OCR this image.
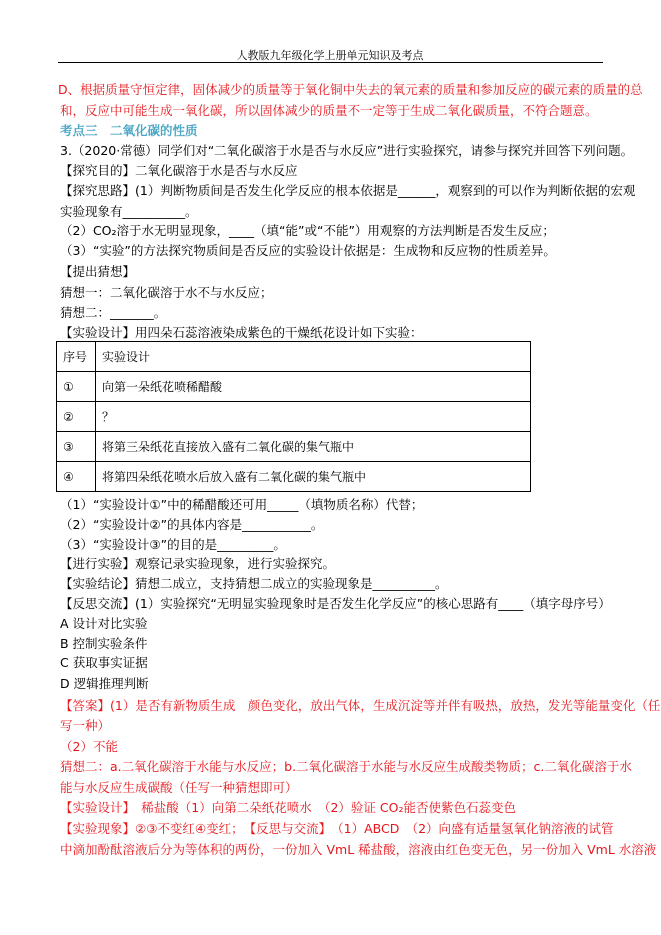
人教版九年级化学上册单元知识及考点
序号	实验设计
①	向第一朵纸花喷稀醋酸
②	？
③	将第三朵纸花直接放入盛有二氧化碳的集气瓶中
④	将第四朵纸花喷水后放入盛有二氧化碳的集气瓶中
D、根据质量守恒定律，固体减少的质量等于氧化铜中失去的氧元素的质量和参加反应的碳元素的质量的总
和，反应中可能生成一氧化碳，所以固体减少的质量不一定等于生成二氧化碳质量，不符合题意。
考点三　二氧化碳的性质
3.（2020·常德）同学们对“二氧化碳溶于水是否与水反应”进行实验探究，请参与探究并回答下列问题。
【探究目的】二氧化碳溶于水是否与水反应
【探究思路】(1）判断物质间是否发生化学反应的根本依据是______，观察到的可以作为判断依据的宏观
实验现象有__________。
（2）CO₂溶于水无明显现象，____（填“能”或“不能”）用观察的方法判断是否发生反应；
（3）“实验”的方法探究物质间是否反应的实验设计依据是：生成物和反应物的性质差异。
【提出猜想】
猜想一：二氧化碳溶于水不与水反应；
猜想二：_______。
【实验设计】用四朵石蕊溶液染成紫色的干燥纸花设计如下实验：
（1）“实验设计①”中的稀醋酸还可用_____（填物质名称）代替；
（2）“实验设计②”的具体内容是___________。
（3）“实验设计③”的目的是_________。
【进行实验】观察记录实验现象，进行实验探究。
【实验结论】猜想二成立，支持猜想二成立的实验现象是__________。
【反思交流】(1）实验探究“无明显实验现象时是否发生化学反应”的核心思路有____（填字母序号）
A 设计对比实验
B 控制实验条件
C 获取事实证据
D 逻辑推理判断
【答案】(1）是否有新物质生成　颜色变化，放出气体，生成沉淀等并伴有吸热，放热，发光等能量变化（任
写一种）
（2）不能
猜想二：a.二氧化碳溶于水能与水反应；b.二氧化碳溶于水能与水反应生成酸类物质；c.二氧化碳溶于水
能与水反应生成碳酸（任写一种猜想即可）
【实验设计】　稀盐酸（1）向第二朵纸花喷水　（2）验证 CO₂能否使紫色石蕊变色
【实验现象】②③不变红④变红；　【反思与交流】　（1）ABCD　（2）向盛有适量氢氧化钠溶液的试管
中滴加酚酞溶液后分为等体积的两份，一份加入 VmL 稀盐酸，溶液由红色变无色，另一份加入 VmL 水溶液
